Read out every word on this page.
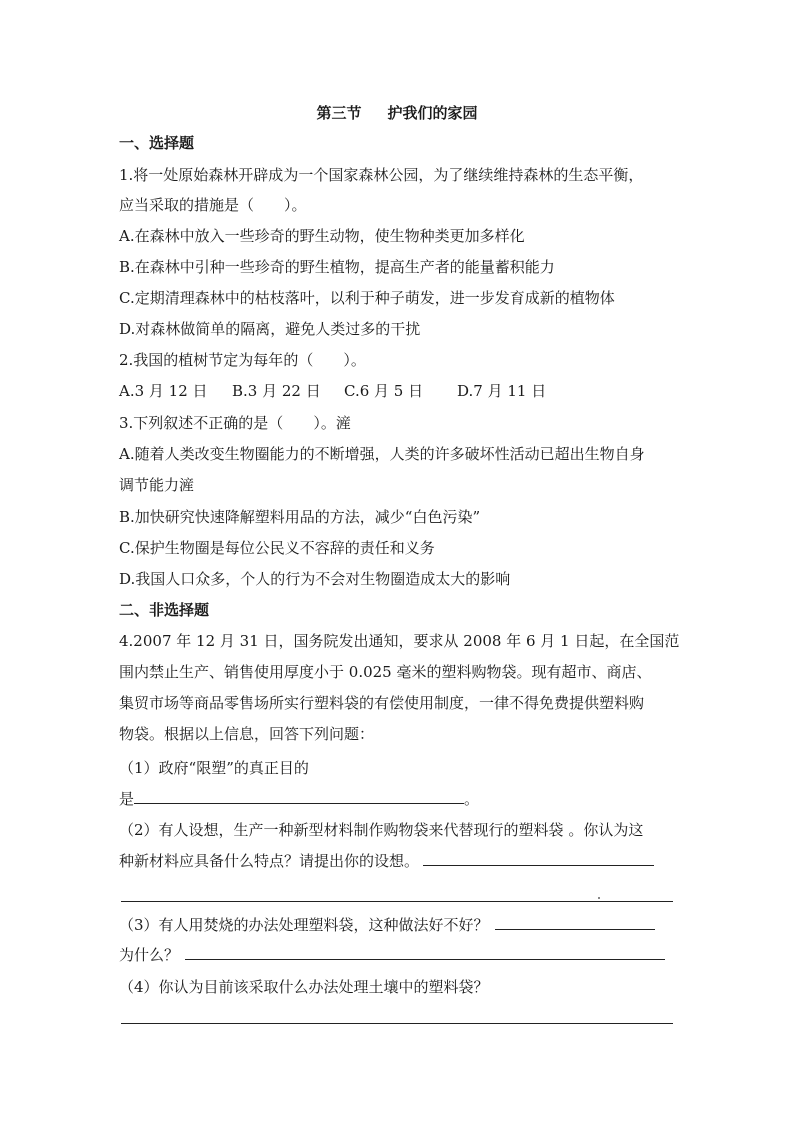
第三节 护我们的家园
一、选择题
1.将一处原始森林开辟成为一个国家森林公园，为了继续维持森林的生态平衡，
应当采取的措施是（　　）。
A.在森林中放入一些珍奇的野生动物，使生物种类更加多样化
B.在森林中引种一些珍奇的野生植物，提高生产者的能量蓄积能力
C.定期清理森林中的枯枝落叶，以利于种子萌发，进一步发育成新的植物体
D.对森林做简单的隔离，避免人类过多的干扰
2.我国的植树节定为每年的（　　）。
A.3 月 12 日 B.3 月 22 日 C.6 月 5 日 D.7 月 11 日
3.下列叙述不正确的是（　　）。滻
A.随着人类改变生物圈能力的不断增强，人类的许多破坏性活动已超出生物自身
调节能力滻
B.加快研究快速降解塑料用品的方法，减少“白色污染”
C.保护生物圈是每位公民义不容辞的责任和义务
D.我国人口众多，个人的行为不会对生物圈造成太大的影响
二、非选择题
4.2007 年 12 月 31 日，国务院发出通知，要求从 2008 年 6 月 1 日起，在全国范
围内禁止生产、销售使用厚度小于 0.025 毫米的塑料购物袋。现有超市、商店、
集贸市场等商品零售场所实行塑料袋的有偿使用制度，一律不得免费提供塑料购
物袋。根据以上信息，回答下列问题：
（1）政府“限塑”的真正目的
是	。
（2）有人设想，生产一种新型材料制作购物袋来代替现行的塑料袋 。你认为这
种新材料应具备什么特点？请提出你的设想。
（3）有人用焚烧的办法处理塑料袋，这种做法好不好？
为什么？
（4）你认为目前该采取什么办法处理土壤中的塑料袋？
